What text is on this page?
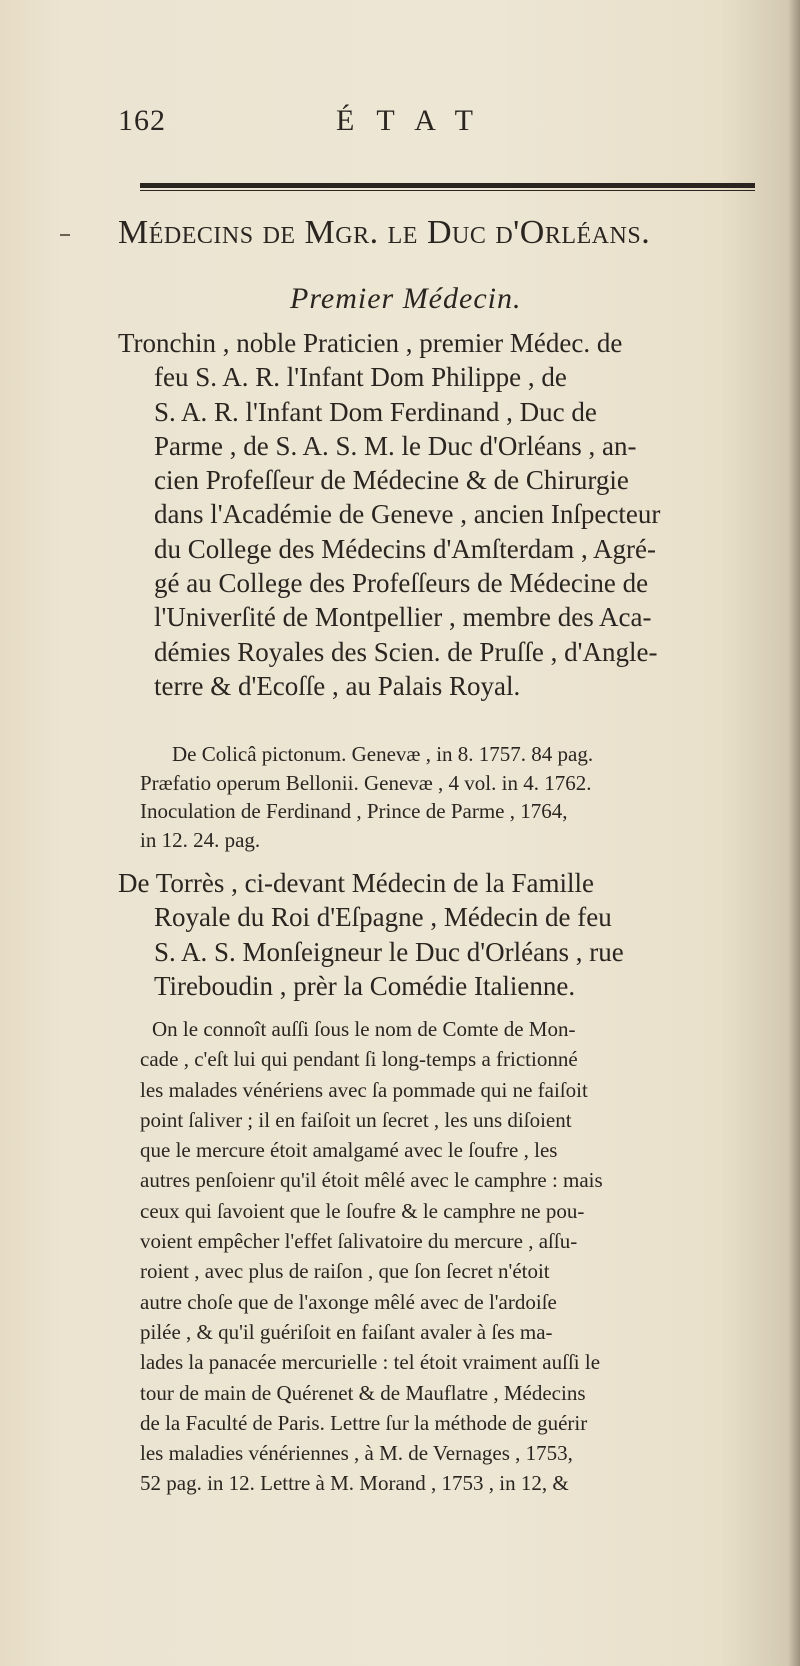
162	ÉTAT
Médecins de Mgr. le Duc d'Orléans.
Premier Médecin.
Tronchin , noble Praticien , premier Médec. de
feu S. A. R. l'Infant Dom Philippe , de
S. A. R. l'Infant Dom Ferdinand , Duc de
Parme , de S. A. S. M. le Duc d'Orléans , an-
cien Profeſſeur de Médecine & de Chirurgie
dans l'Académie de Geneve , ancien Inſpecteur
du College des Médecins d'Amſterdam , Agré-
gé au College des Profeſſeurs de Médecine de
l'Univerſité de Montpellier , membre des Aca-
démies Royales des Scien. de Pruſſe , d'Angle-
terre & d'Ecoſſe , au Palais Royal.
De Colicâ pictonum. Genevæ , in 8. 1757. 84 pag.
Præfatio operum Bellonii. Genevæ , 4 vol. in 4. 1762.
Inoculation de Ferdinand , Prince de Parme , 1764,
in 12. 24. pag.
De Torrès , ci-devant Médecin de la Famille
Royale du Roi d'Eſpagne , Médecin de feu
S. A. S. Monſeigneur le Duc d'Orléans , rue
Tireboudin , prèr la Comédie Italienne.
On le connoît auſſi ſous le nom de Comte de Mon-
cade , c'eſt lui qui pendant ſi long-temps a frictionné
les malades vénériens avec ſa pommade qui ne faiſoit
point ſaliver ; il en faiſoit un ſecret , les uns diſoient
que le mercure étoit amalgamé avec le ſoufre , les
autres penſoienr qu'il étoit mêlé avec le camphre : mais
ceux qui ſavoient que le ſoufre & le camphre ne pou-
voient empêcher l'effet ſalivatoire du mercure , aſſu-
roient , avec plus de raiſon , que ſon ſecret n'étoit
autre choſe que de l'axonge mêlé avec de l'ardoiſe
pilée , & qu'il guériſoit en faiſant avaler à ſes ma-
lades la panacée mercurielle : tel étoit vraiment auſſi le
tour de main de Quérenet & de Mauflatre , Médecins
de la Faculté de Paris. Lettre ſur la méthode de guérir
les maladies vénériennes , à M. de Vernages , 1753,
52 pag. in 12. Lettre à M. Morand , 1753 , in 12, &
